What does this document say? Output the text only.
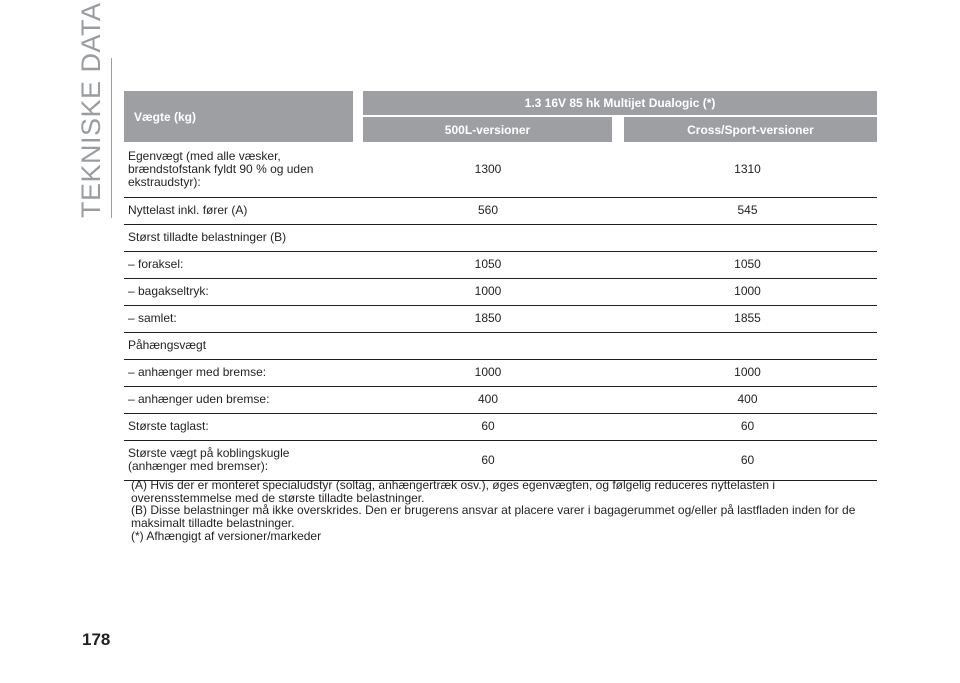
TEKNISKE DATA Vægte (kg)	1.3 16V 85 hk Multijet Dualogic (*)	
	500L-versioner	Cross/Sport-versioner
Egenvægt (med alle væsker, brændstofstank fyldt 90 % og uden ekstraudstyr):	1300	1310
Nyttelast inkl. fører (A)	560	545
Størst tilladte belastninger (B)		
– foraksel:	1050	1050
– bagakseltryk:	1000	1000
– samlet:	1850	1855
Påhængsvægt		
– anhænger med bremse:	1000	1000
– anhænger uden bremse:	400	400
Største taglast:	60	60
Største vægt på koblingskugle (anhænger med bremser):	60	60

(A) Hvis der er monteret specialudstyr (soltag, anhængertræk osv.), øges egenvægten, og følgelig reduceres nyttelasten i overensstemmelse med de største tilladte belastninger.

(B) Disse belastninger må ikke overskrides. Den er brugerens ansvar at placere varer i bagagerummet og/eller på lastfladen inden for de maksimalt tilladte belastninger.

(*) Afhængigt af versioner/markeder

178
